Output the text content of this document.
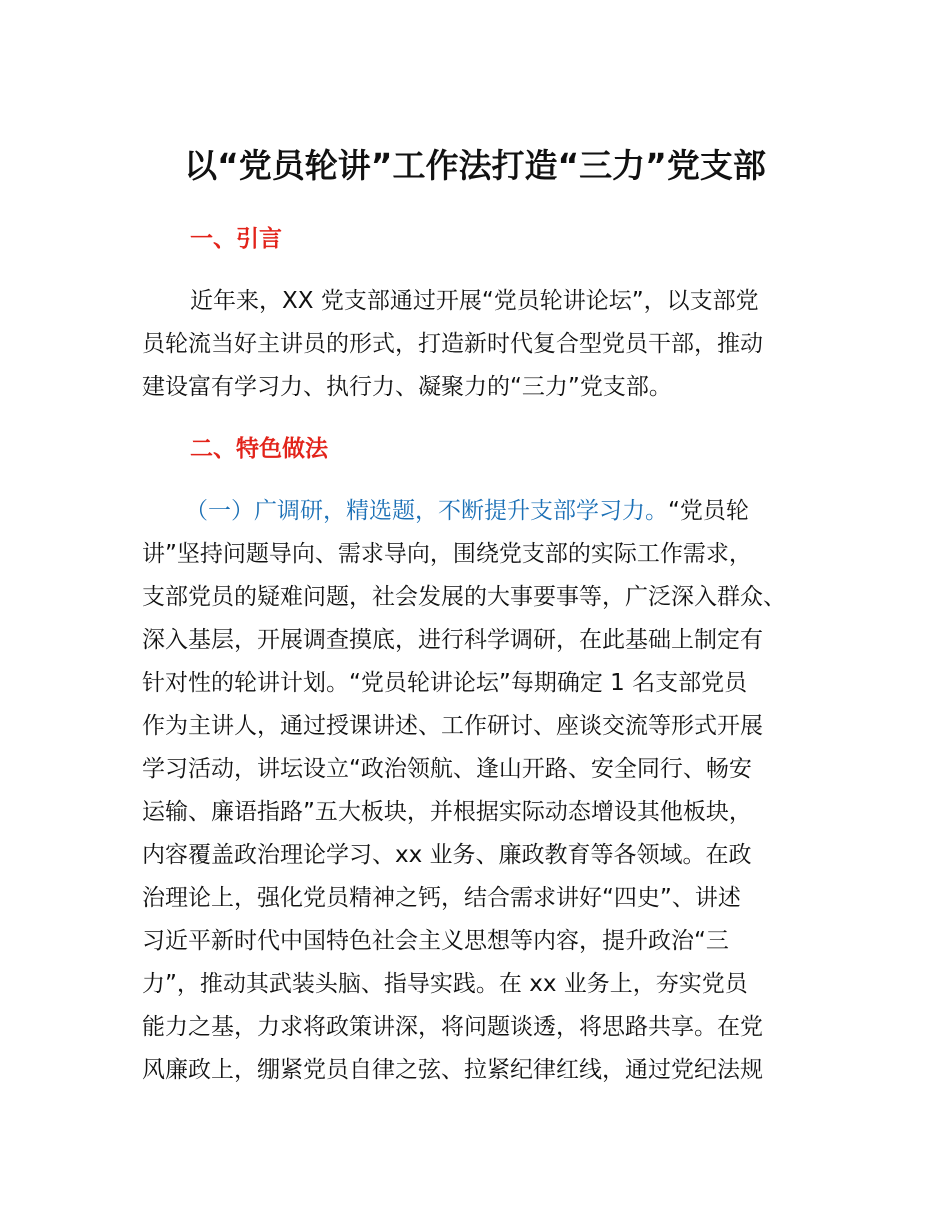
以“党员轮讲”工作法打造“三力”党支部
一、引言
近年来，XX 党支部通过开展“党员轮讲论坛”，以支部党
员轮流当好主讲员的形式，打造新时代复合型党员干部，推动
建设富有学习力、执行力、凝聚力的“三力”党支部。
二、特色做法
（一）广调研，精选题，不断提升支部学习力。“党员轮
讲”坚持问题导向、需求导向，围绕党支部的实际工作需求，
支部党员的疑难问题，社会发展的大事要事等，广泛深入群众、
深入基层，开展调查摸底，进行科学调研，在此基础上制定有
针对性的轮讲计划。“党员轮讲论坛”每期确定 1 名支部党员
作为主讲人，通过授课讲述、工作研讨、座谈交流等形式开展
学习活动，讲坛设立“政治领航、逢山开路、安全同行、畅安
运输、廉语指路”五大板块，并根据实际动态增设其他板块，
内容覆盖政治理论学习、xx 业务、廉政教育等各领域。在政
治理论上，强化党员精神之钙，结合需求讲好“四史”、讲述
习近平新时代中国特色社会主义思想等内容，提升政治“三
力”，推动其武装头脑、指导实践。在 xx 业务上，夯实党员
能力之基，力求将政策讲深，将问题谈透，将思路共享。在党
风廉政上，绷紧党员自律之弦、拉紧纪律红线，通过党纪法规
